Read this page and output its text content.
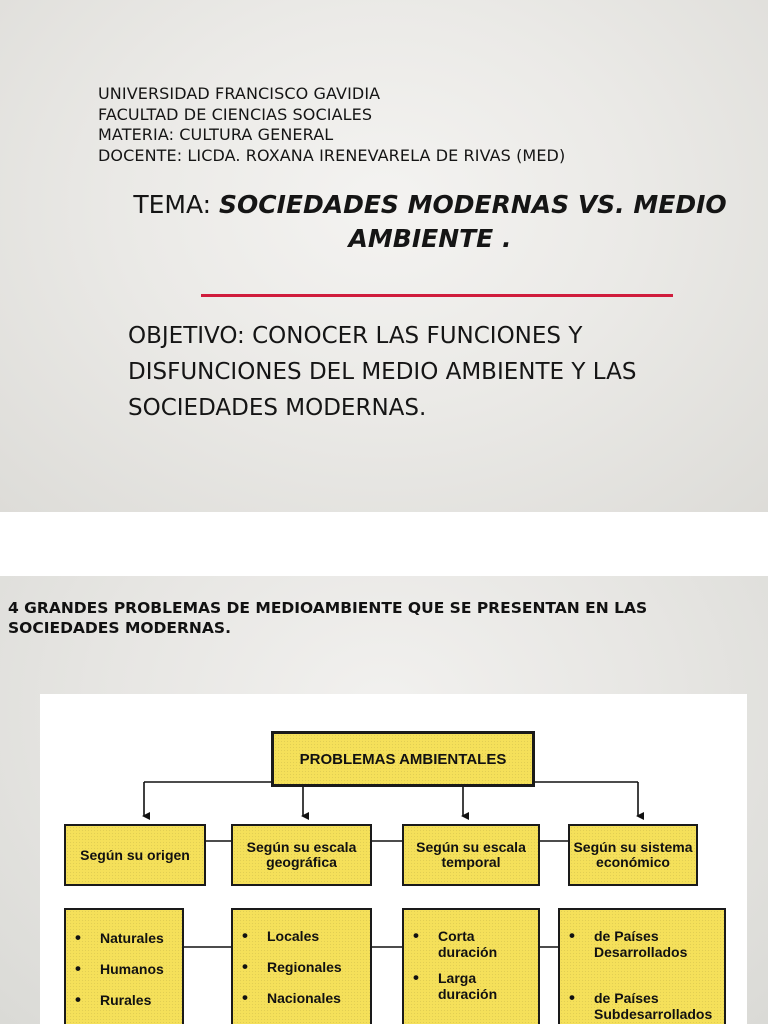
UNIVERSIDAD FRANCISCO GAVIDIA
FACULTAD DE CIENCIAS SOCIALES
MATERIA: CULTURA GENERAL
DOCENTE: LICDA. ROXANA IRENEVARELA DE RIVAS (MED)
TEMA: SOCIEDADES MODERNAS VS. MEDIO AMBIENTE .
OBJETIVO: CONOCER LAS FUNCIONES Y DISFUNCIONES DEL MEDIO AMBIENTE Y LAS SOCIEDADES MODERNAS.
4 GRANDES PROBLEMAS DE MEDIOAMBIENTE QUE SE PRESENTAN EN LAS SOCIEDADES MODERNAS.
PROBLEMAS AMBIENTALES
Según su origen	Según su escala geográfica
Según su escala temporal
Según su sistema económico
• Naturales
• Humanos
• Rurales
• Locales
• Regionales
• Nacionales
• Corta duración
• Larga duración
• de Países Desarrollados
• de Países Subdesarrollados
